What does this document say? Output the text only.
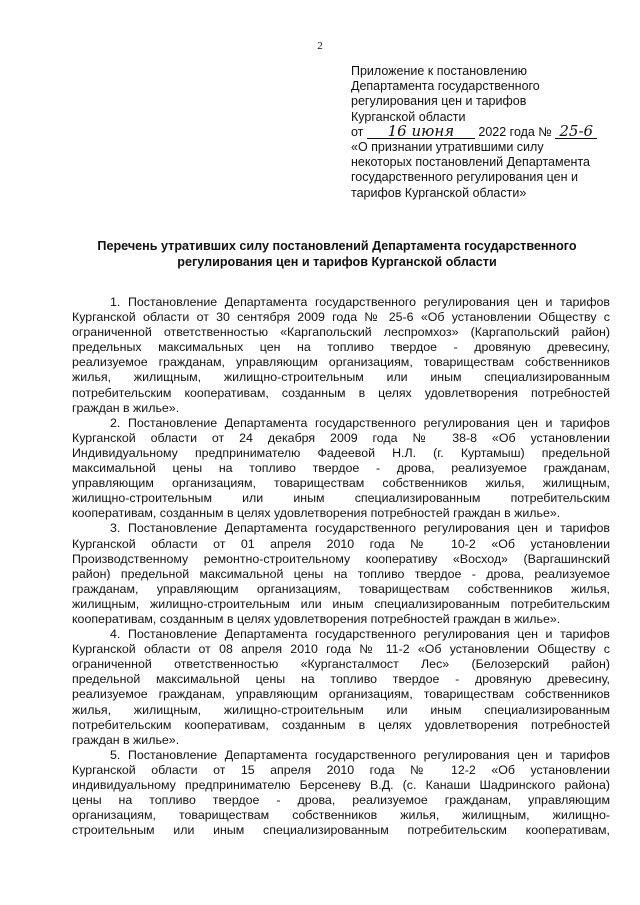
2
Приложение к постановлению
Департамента государственного
регулирования цен и тарифов
Курганской области
от 16 июня 2022 года № 25-6
«О признании утратившими силу
некоторых постановлений Департамента
государственного регулирования цен и
тарифов Курганской области»
Перечень утративших силу постановлений Департамента государственного
регулирования цен и тарифов Курганской области
1. Постановление Департамента государственного регулирования цен и тарифов
Курганской области от 30 сентября 2009 года № 25-6 «Об установлении Обществу с
ограниченной ответственностью «Каргапольский леспромхоз» (Каргапольский район)
предельных максимальных цен на топливо твердое - дровяную древесину,
реализуемое гражданам, управляющим организациям, товариществам собственников
жилья, жилищным, жилищно-строительным или иным специализированным
потребительским кооперативам, созданным в целях удовлетворения потребностей
граждан в жилье».
2. Постановление Департамента государственного регулирования цен и тарифов
Курганской области от 24 декабря 2009 года № 38-8 «Об установлении
Индивидуальному предпринимателю Фадеевой Н.Л. (г. Куртамыш) предельной
максимальной цены на топливо твердое - дрова, реализуемое гражданам,
управляющим организациям, товариществам собственников жилья, жилищным,
жилищно-строительным или иным специализированным потребительским
кооперативам, созданным в целях удовлетворения потребностей граждан в жилье».
3. Постановление Департамента государственного регулирования цен и тарифов
Курганской области от 01 апреля 2010 года № 10-2 «Об установлении
Производственному ремонтно-строительному кооперативу «Восход» (Варгашинский
район) предельной максимальной цены на топливо твердое - дрова, реализуемое
гражданам, управляющим организациям, товариществам собственников жилья,
жилищным, жилищно-строительным или иным специализированным потребительским
кооперативам, созданным в целях удовлетворения потребностей граждан в жилье».
4. Постановление Департамента государственного регулирования цен и тарифов
Курганской области от 08 апреля 2010 года № 11-2 «Об установлении Обществу с
ограниченной ответственностью «Кургансталмост Лес» (Белозерский район)
предельной максимальной цены на топливо твердое - дровяную древесину,
реализуемое гражданам, управляющим организациям, товариществам собственников
жилья, жилищным, жилищно-строительным или иным специализированным
потребительским кооперативам, созданным в целях удовлетворения потребностей
граждан в жилье».
5. Постановление Департамента государственного регулирования цен и тарифов
Курганской области от 15 апреля 2010 года № 12-2 «Об установлении
индивидуальному предпринимателю Берсеневу В.Д. (с. Канаши Шадринского района)
цены на топливо твердое - дрова, реализуемое гражданам, управляющим
организациям, товариществам собственников жилья, жилищным, жилищно-
строительным или иным специализированным потребительским кооперативам,
